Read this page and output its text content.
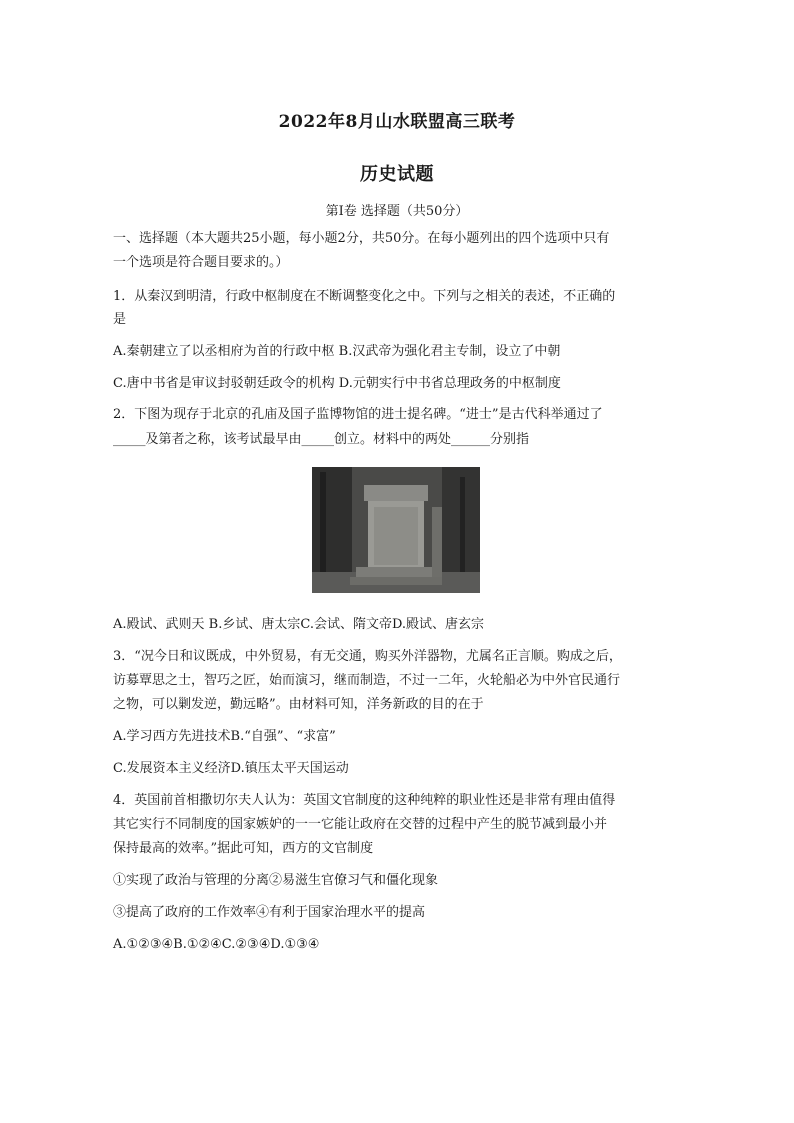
2022年8月山水联盟高三联考
历史试题
第I卷 选择题（共50分）
一、选择题（本大题共25小题，每小题2分，共50分。在每小题列出的四个选项中只有
一个选项是符合题目要求的。）
1．从秦汉到明清，行政中枢制度在不断调整变化之中。下列与之相关的表述，不正确的
是
A.秦朝建立了以丞相府为首的行政中枢 B.汉武帝为强化君主专制，设立了中朝
C.唐中书省是审议封驳朝廷政令的机构 D.元朝实行中书省总理政务的中枢制度
2．下图为现存于北京的孔庙及国子监博物馆的进士提名碑。“进士”是古代科举通过了
_____及第者之称，该考试最早由_____创立。材料中的两处______分别指
A.殿试、武则天 B.乡试、唐太宗C.会试、隋文帝D.殿试、唐玄宗
3．“况今日和议既成，中外贸易，有无交通，购买外洋器物，尤属名正言顺。购成之后，
访募覃思之士，智巧之匠，始而演习，继而制造，不过一二年，火轮船必为中外官民通行
之物，可以剿发逆，勤远略”。由材料可知，洋务新政的目的在于
A.学习西方先进技术B.“自强”、“求富”
C.发展资本主义经济D.镇压太平天国运动
4．英国前首相撒切尔夫人认为：英国文官制度的这种纯粹的职业性还是非常有理由值得
其它实行不同制度的国家嫉妒的一一它能让政府在交替的过程中产生的脱节减到最小并
保持最高的效率。”据此可知，西方的文官制度
①实现了政治与管理的分离②易滋生官僚习气和僵化现象
③提高了政府的工作效率④有利于国家治理水平的提高
A.①②③④B.①②④C.②③④D.①③④
